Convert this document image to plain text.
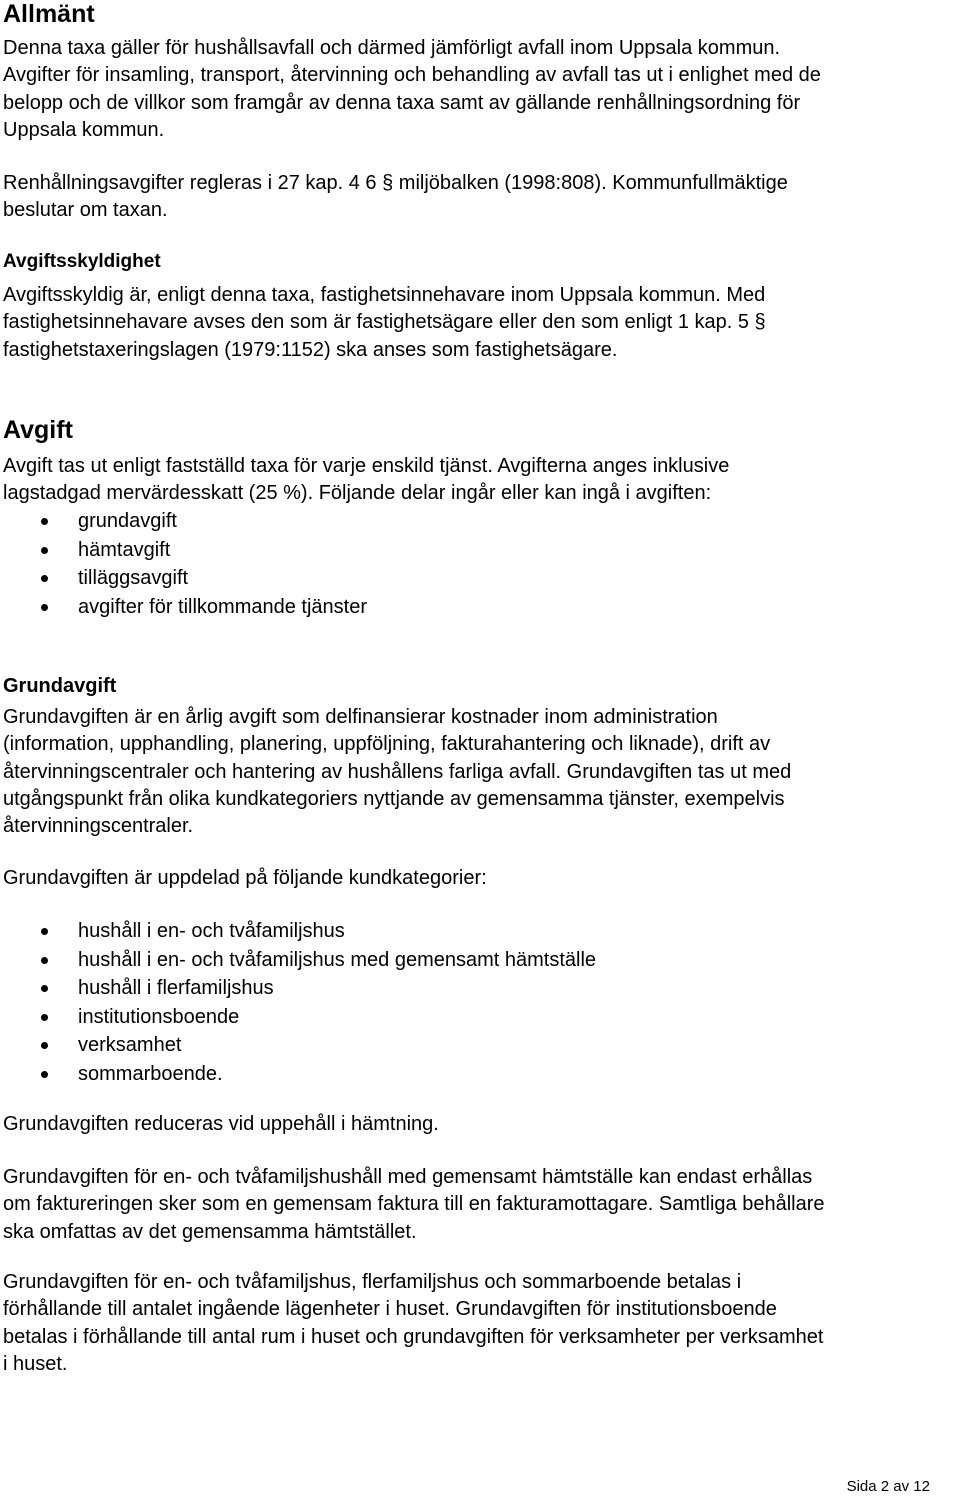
Allmänt
Denna taxa gäller för hushållsavfall och därmed jämförligt avfall inom Uppsala kommun.
Avgifter för insamling, transport, återvinning och behandling av avfall tas ut i enlighet med de
belopp och de villkor som framgår av denna taxa samt av gällande renhållningsordning för
Uppsala kommun.
Renhållningsavgifter regleras i 27 kap. 4 6 § miljöbalken (1998:808). Kommunfullmäktige
beslutar om taxan.
Avgiftsskyldighet
Avgiftsskyldig är, enligt denna taxa, fastighetsinnehavare inom Uppsala kommun. Med
fastighetsinnehavare avses den som är fastighetsägare eller den som enligt 1 kap. 5 §
fastighetstaxeringslagen (1979:1152) ska anses som fastighetsägare.
Avgift
Avgift tas ut enligt fastställd taxa för varje enskild tjänst. Avgifterna anges inklusive
lagstadgad mervärdesskatt (25 %). Följande delar ingår eller kan ingå i avgiften:
grundavgift
hämtavgift
tilläggsavgift
avgifter för tillkommande tjänster
Grundavgift
Grundavgiften är en årlig avgift som delfinansierar kostnader inom administration
(information, upphandling, planering, uppföljning, fakturahantering och liknade), drift av
återvinningscentraler och hantering av hushållens farliga avfall. Grundavgiften tas ut med
utgångspunkt från olika kundkategoriers nyttjande av gemensamma tjänster, exempelvis
återvinningscentraler.
Grundavgiften är uppdelad på följande kundkategorier:
hushåll i en- och tvåfamiljshus
hushåll i en- och tvåfamiljshus med gemensamt hämtställe
hushåll i flerfamiljshus
institutionsboende
verksamhet
sommarboende.
Grundavgiften reduceras vid uppehåll i hämtning.
Grundavgiften för en- och tvåfamiljshushåll med gemensamt hämtställe kan endast erhållas
om faktureringen sker som en gemensam faktura till en fakturamottagare. Samtliga behållare
ska omfattas av det gemensamma hämtstället.
Grundavgiften för en- och tvåfamiljshus, flerfamiljshus och sommarboende betalas i
förhållande till antalet ingående lägenheter i huset. Grundavgiften för institutionsboende
betalas i förhållande till antal rum i huset och grundavgiften för verksamheter per verksamhet
i huset.
Sida 2 av 12
